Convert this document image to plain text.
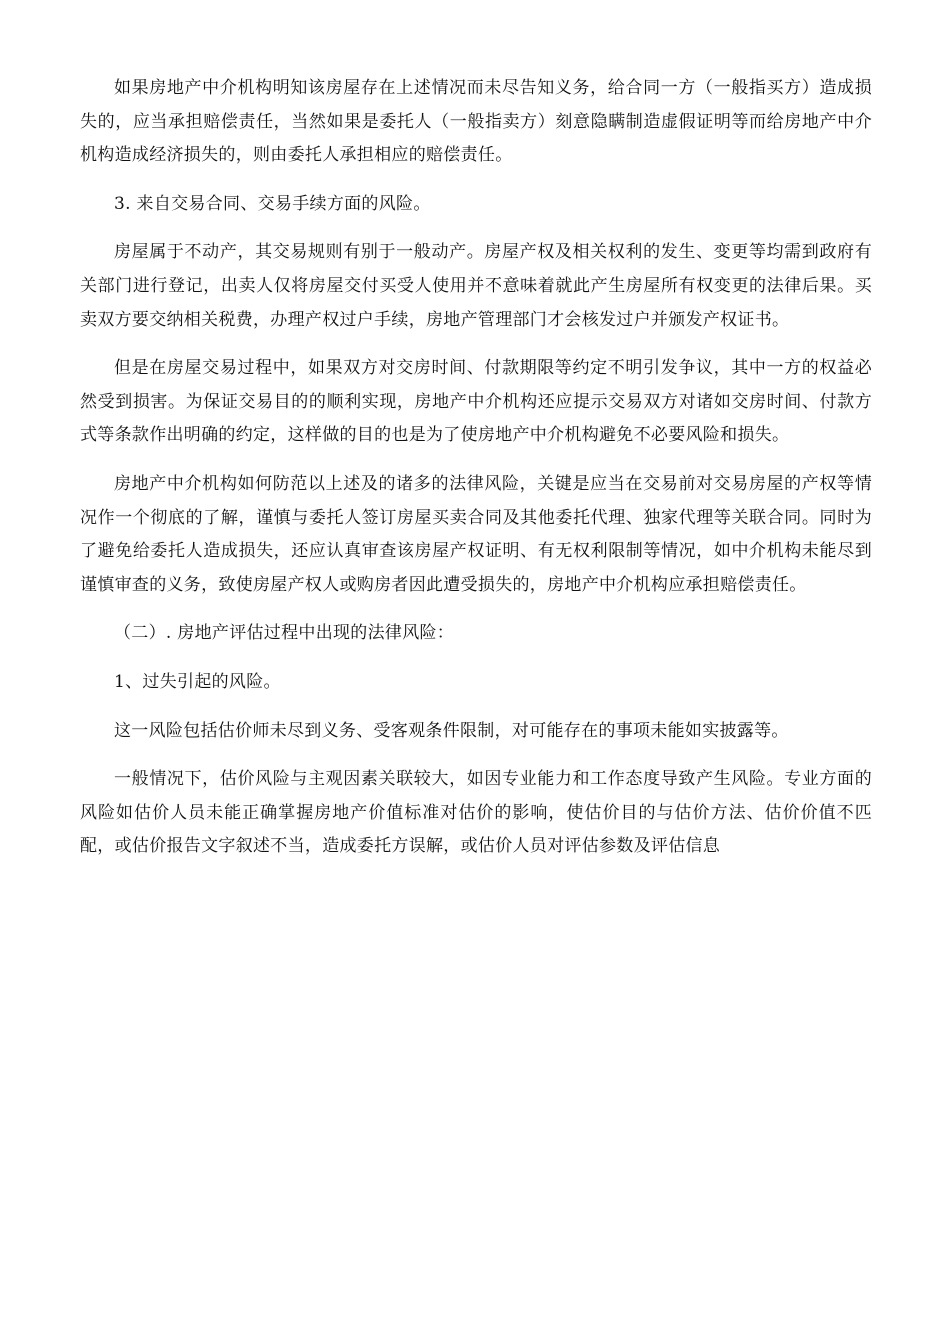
如果房地产中介机构明知该房屋存在上述情况而未尽告知义务，给合同一方（一般指买方）造成损失的，应当承担赔偿责任，当然如果是委托人（一般指卖方）刻意隐瞒制造虚假证明等而给房地产中介机构造成经济损失的，则由委托人承担相应的赔偿责任。

3. 来自交易合同、交易手续方面的风险。

房屋属于不动产，其交易规则有别于一般动产。房屋产权及相关权利的发生、变更等均需到政府有关部门进行登记，出卖人仅将房屋交付买受人使用并不意味着就此产生房屋所有权变更的法律后果。买卖双方要交纳相关税费，办理产权过户手续，房地产管理部门才会核发过户并颁发产权证书。

但是在房屋交易过程中，如果双方对交房时间、付款期限等约定不明引发争议，其中一方的权益必然受到损害。为保证交易目的的顺利实现，房地产中介机构还应提示交易双方对诸如交房时间、付款方式等条款作出明确的约定，这样做的目的也是为了使房地产中介机构避免不必要风险和损失。

房地产中介机构如何防范以上述及的诸多的法律风险，关键是应当在交易前对交易房屋的产权等情况作一个彻底的了解，谨慎与委托人签订房屋买卖合同及其他委托代理、独家代理等关联合同。同时为了避免给委托人造成损失，还应认真审查该房屋产权证明、有无权利限制等情况，如中介机构未能尽到谨慎审查的义务，致使房屋产权人或购房者因此遭受损失的，房地产中介机构应承担赔偿责任。

（二）. 房地产评估过程中出现的法律风险：

1、过失引起的风险。

这一风险包括估价师未尽到义务、受客观条件限制，对可能存在的事项未能如实披露等。

一般情况下，估价风险与主观因素关联较大，如因专业能力和工作态度导致产生风险。专业方面的风险如估价人员未能正确掌握房地产价值标准对估价的影响，使估价目的与估价方法、估价价值不匹配，或估价报告文字叙述不当，造成委托方误解，或估价人员对评估参数及评估信息
